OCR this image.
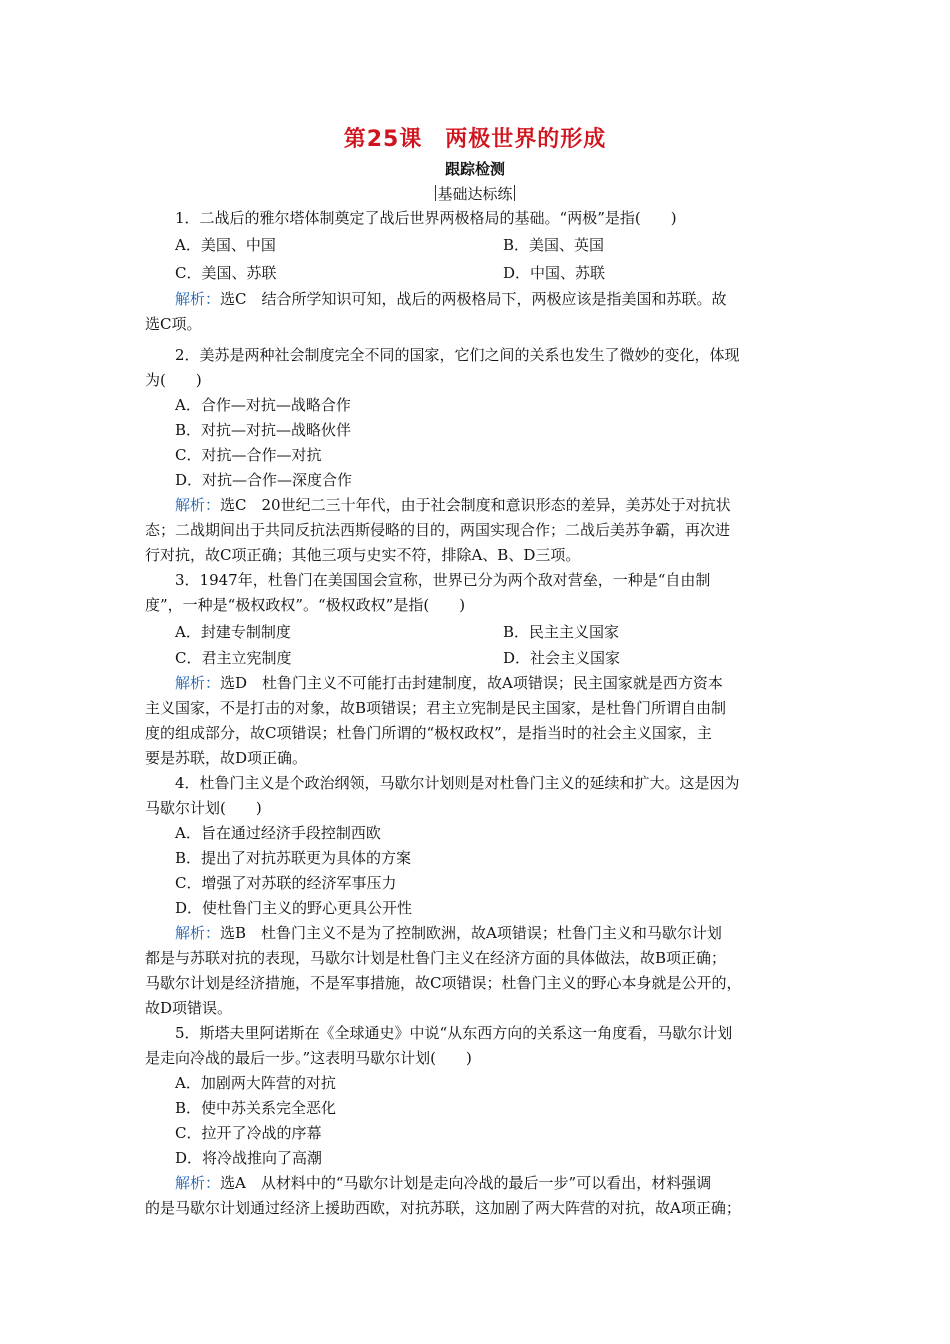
第25课　两极世界的形成
跟踪检测
基础达标练
1．二战后的雅尔塔体制奠定了战后世界两极格局的基础。“两极”是指(　　)
A．美国、中国	B．美国、英国
C．美国、苏联	D．中国、苏联
解析：选C　结合所学知识可知，战后的两极格局下，两极应该是指美国和苏联。故
选C项。
2．美苏是两种社会制度完全不同的国家，它们之间的关系也发生了微妙的变化，体现
为(　　)
A．合作—对抗—战略合作
B．对抗—对抗—战略伙伴
C．对抗—合作—对抗
D．对抗—合作—深度合作
解析：选C　20世纪二三十年代，由于社会制度和意识形态的差异，美苏处于对抗状
态；二战期间出于共同反抗法西斯侵略的目的，两国实现合作；二战后美苏争霸，再次进
行对抗，故C项正确；其他三项与史实不符，排除A、B、D三项。
3．1947年，杜鲁门在美国国会宣称，世界已分为两个敌对营垒，一种是“自由制
度”，一种是“极权政权”。“极权政权”是指(　　)
A．封建专制制度	B．民主主义国家
C．君主立宪制度	D．社会主义国家
解析：选D　杜鲁门主义不可能打击封建制度，故A项错误；民主国家就是西方资本
主义国家，不是打击的对象，故B项错误；君主立宪制是民主国家，是杜鲁门所谓自由制
度的组成部分，故C项错误；杜鲁门所谓的“极权政权”，是指当时的社会主义国家，主
要是苏联，故D项正确。
4．杜鲁门主义是个政治纲领，马歇尔计划则是对杜鲁门主义的延续和扩大。这是因为
马歇尔计划(　　)
A．旨在通过经济手段控制西欧
B．提出了对抗苏联更为具体的方案
C．增强了对苏联的经济军事压力
D．使杜鲁门主义的野心更具公开性
解析：选B　杜鲁门主义不是为了控制欧洲，故A项错误；杜鲁门主义和马歇尔计划
都是与苏联对抗的表现，马歇尔计划是杜鲁门主义在经济方面的具体做法，故B项正确；
马歇尔计划是经济措施，不是军事措施，故C项错误；杜鲁门主义的野心本身就是公开的，
故D项错误。
5．斯塔夫里阿诺斯在《全球通史》中说“从东西方向的关系这一角度看，马歇尔计划
是走向冷战的最后一步。”这表明马歇尔计划(　　)
A．加剧两大阵营的对抗
B．使中苏关系完全恶化
C．拉开了冷战的序幕
D．将冷战推向了高潮
解析：选A　从材料中的“马歇尔计划是走向冷战的最后一步”可以看出，材料强调
的是马歇尔计划通过经济上援助西欧，对抗苏联，这加剧了两大阵营的对抗，故A项正确；
